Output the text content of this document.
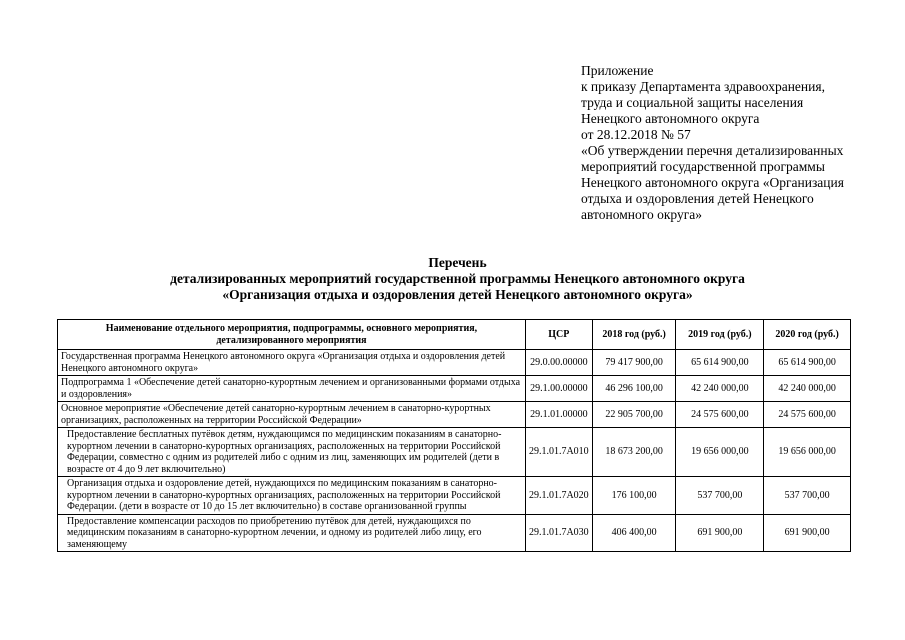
Приложение
к приказу Департамента здравоохранения,
труда и социальной защиты населения
Ненецкого автономного округа
от 28.12.2018 № 57
«Об утверждении перечня детализированных мероприятий государственной программы Ненецкого автономного округа «Организация отдыха и оздоровления детей Ненецкого автономного округа»
Перечень
детализированных мероприятий государственной программы Ненецкого автономного округа
«Организация отдыха и оздоровления детей Ненецкого автономного округа»
Наименование отдельного мероприятия, подпрограммы, основного мероприятия, детализированного мероприятия	ЦСР	2018 год (руб.)	2019 год (руб.)	2020 год (руб.)
Государственная программа Ненецкого автономного округа «Организация отдыха и оздоровления детей Ненецкого автономного округа»	29.0.00.00000	79 417 900,00	65 614 900,00	65 614 900,00
Подпрограмма 1 «Обеспечение детей санаторно-курортным лечением и организованными формами отдыха и оздоровления»	29.1.00.00000	46 296 100,00	42 240 000,00	42 240 000,00
Основное мероприятие «Обеспечение детей санаторно-курортным лечением в санаторно-курортных организациях, расположенных на территории Российской Федерации»	29.1.01.00000	22 905 700,00	24 575 600,00	24 575 600,00
Предоставление бесплатных путёвок детям, нуждающимся по медицинским показаниям в санаторно-курортном лечении в санаторно-курортных организациях, расположенных на территории Российской Федерации, совместно с одним из родителей либо с одним из лиц, заменяющих им родителей (дети в возрасте от 4 до 9 лет включительно)	29.1.01.7A010	18 673 200,00	19 656 000,00	19 656 000,00
Организация отдыха и оздоровление детей, нуждающихся по медицинским показаниям в санаторно-курортном лечении в санаторно-курортных организациях, расположенных на территории Российской Федерации. (дети в возрасте от 10 до 15 лет включительно) в составе организованной группы	29.1.01.7A020	176 100,00	537 700,00	537 700,00
Предоставление компенсации расходов по приобретению путёвок для детей, нуждающихся по медицинским показаниям в санаторно-курортном лечении, и одному из родителей либо лицу, его заменяющему	29.1.01.7A030	406 400,00	691 900,00	691 900,00
